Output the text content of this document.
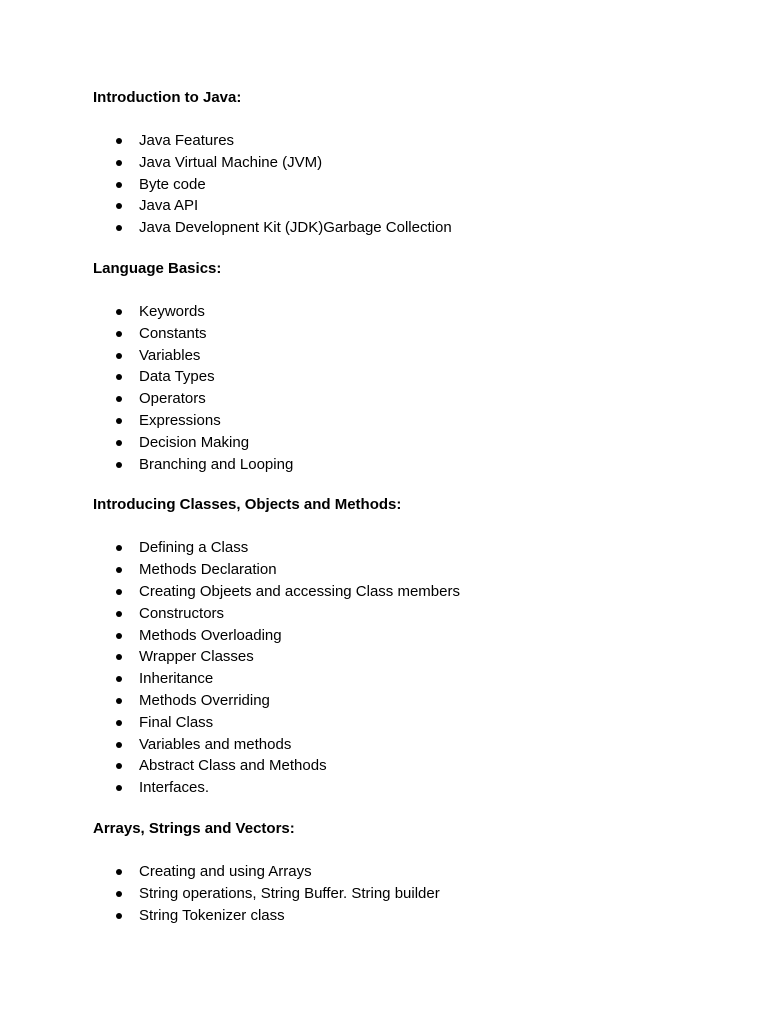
Introduction to Java:
Java Features
Java Virtual Machine (JVM)
Byte code
Java API
Java Developnent Kit (JDK)Garbage Collection
Language Basics:
Keywords
Constants
Variables
Data Types
Operators
Expressions
Decision Making
Branching and Looping
Introducing Classes, Objects and Methods:
Defining a Class
Methods Declaration
Creating Objeets and accessing Class members
Constructors
Methods Overloading
Wrapper Classes
Inheritance
Methods Overriding
Final Class
Variables and methods
Abstract Class and Methods
Interfaces.
Arrays, Strings and Vectors:
Creating and using Arrays
String operations, String Buffer. String builder
String Tokenizer class
